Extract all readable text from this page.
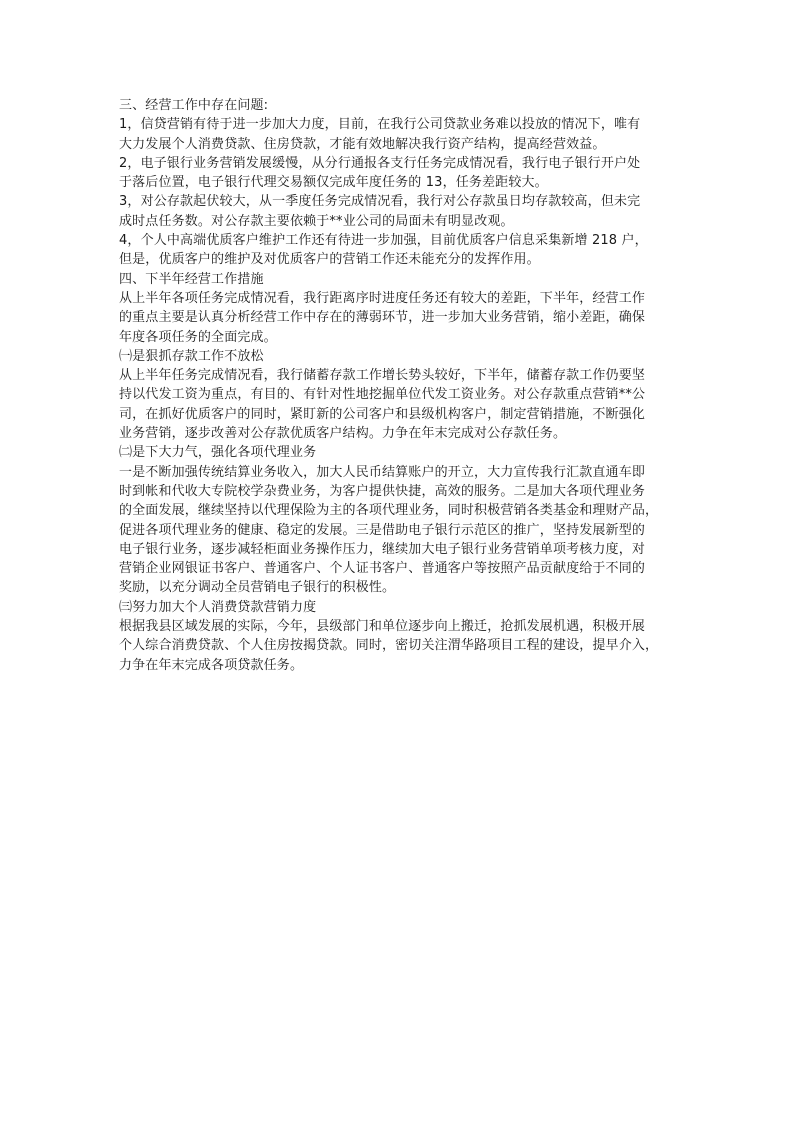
三、经营工作中存在问题:
1，信贷营销有待于进一步加大力度，目前，在我行公司贷款业务难以投放的情况下，唯有
大力发展个人消费贷款、住房贷款，才能有效地解决我行资产结构，提高经营效益。
2，电子银行业务营销发展缓慢，从分行通报各支行任务完成情况看，我行电子银行开户处
于落后位置，电子银行代理交易额仅完成年度任务的 13，任务差距较大。
3，对公存款起伏较大，从一季度任务完成情况看，我行对公存款虽日均存款较高，但未完
成时点任务数。对公存款主要依赖于**业公司的局面未有明显改观。
4，个人中高端优质客户维护工作还有待进一步加强，目前优质客户信息采集新增 218 户，
但是，优质客户的维护及对优质客户的营销工作还未能充分的发挥作用。
四、下半年经营工作措施
从上半年各项任务完成情况看，我行距离序时进度任务还有较大的差距，下半年，经营工作
的重点主要是认真分析经营工作中存在的薄弱环节，进一步加大业务营销，缩小差距，确保
年度各项任务的全面完成。
㈠是狠抓存款工作不放松
从上半年任务完成情况看，我行储蓄存款工作增长势头较好，下半年，储蓄存款工作仍要坚
持以代发工资为重点，有目的、有针对性地挖掘单位代发工资业务。对公存款重点营销**公
司，在抓好优质客户的同时，紧盯新的公司客户和县级机构客户，制定营销措施，不断强化
业务营销，逐步改善对公存款优质客户结构。力争在年末完成对公存款任务。
㈡是下大力气，强化各项代理业务
一是不断加强传统结算业务收入，加大人民币结算账户的开立，大力宣传我行汇款直通车即
时到帐和代收大专院校学杂费业务，为客户提供快捷，高效的服务。二是加大各项代理业务
的全面发展，继续坚持以代理保险为主的各项代理业务，同时积极营销各类基金和理财产品，
促进各项代理业务的健康、稳定的发展。三是借助电子银行示范区的推广，坚持发展新型的
电子银行业务，逐步减轻柜面业务操作压力，继续加大电子银行业务营销单项考核力度，对
营销企业网银证书客户、普通客户、个人证书客户、普通客户等按照产品贡献度给于不同的
奖励，以充分调动全员营销电子银行的积极性。
㈢努力加大个人消费贷款营销力度
根据我县区域发展的实际，今年，县级部门和单位逐步向上搬迁，抢抓发展机遇，积极开展
个人综合消费贷款、个人住房按揭贷款。同时，密切关注渭华路项目工程的建设，提早介入，
力争在年末完成各项贷款任务。
